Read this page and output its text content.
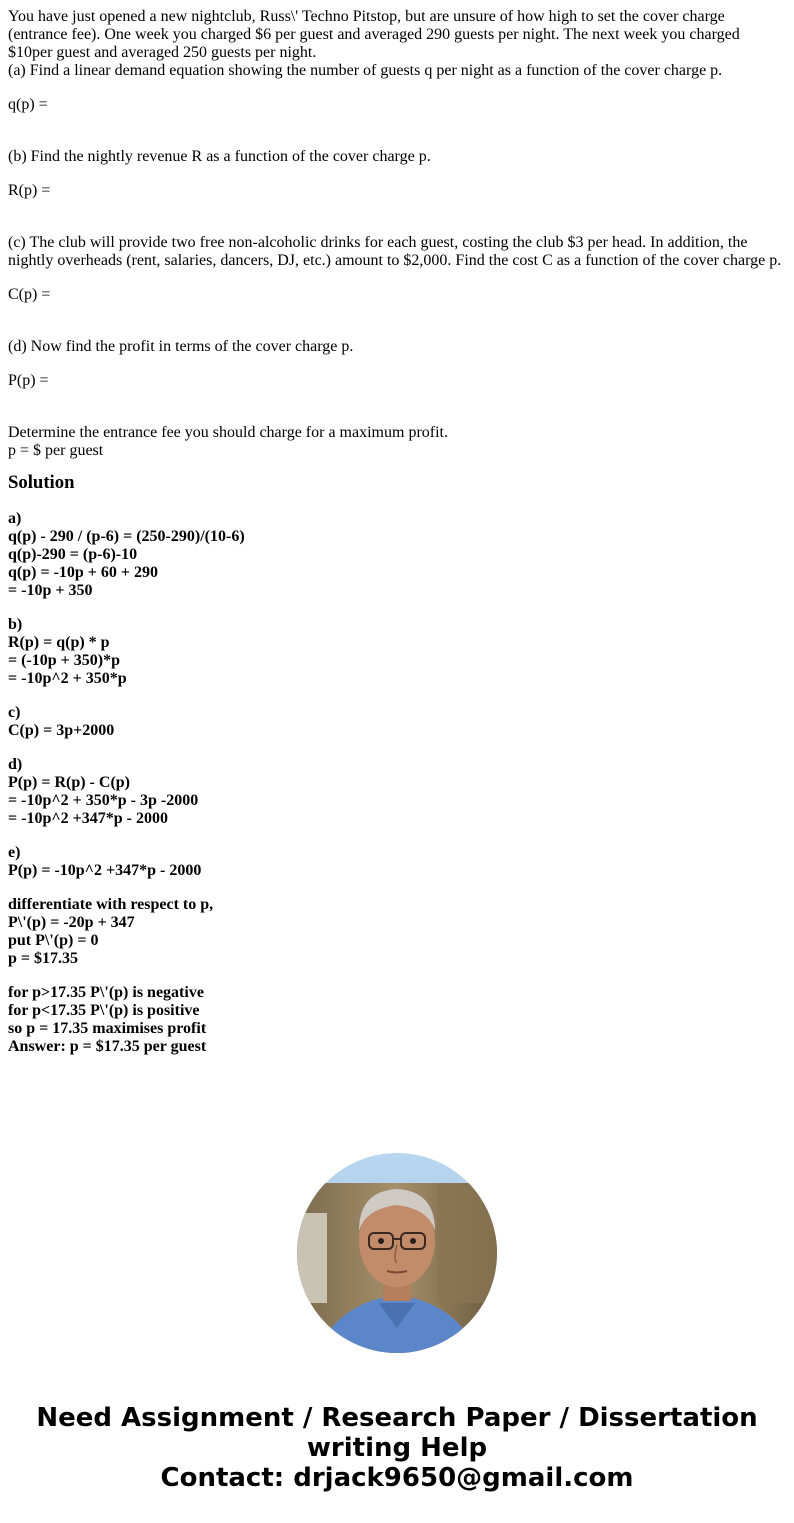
You have just opened a new nightclub, Russ\' Techno Pitstop, but are unsure of how high to set the cover charge (entrance fee). One week you charged $6 per guest and averaged 290 guests per night. The next week you charged $10per guest and averaged 250 guests per night.

(a) Find a linear demand equation showing the number of guests q per night as a function of the cover charge p.

q(p) =

(b) Find the nightly revenue R as a function of the cover charge p.

R(p) =

(c) The club will provide two free non-alcoholic drinks for each guest, costing the club $3 per head. In addition, the nightly overheads (rent, salaries, dancers, DJ, etc.) amount to $2,000. Find the cost C as a function of the cover charge p.

C(p) =

(d) Now find the profit in terms of the cover charge p.

P(p) =

Determine the entrance fee you should charge for a maximum profit.

p = $ per guest
Solution
a)
q(p) - 290 / (p-6) = (250-290)/(10-6)
q(p)-290 = (p-6)-10
q(p) = -10p + 60 + 290
= -10p + 350
b)
R(p) = q(p) * p
= (-10p + 350)*p
= -10p^2 + 350*p
c)
C(p) = 3p+2000
d)
P(p) = R(p) - C(p)
= -10p^2 + 350*p - 3p -2000
= -10p^2 +347*p - 2000
e)
P(p) = -10p^2 +347*p - 2000
differentiate with respect to p,
P\'(p) = -20p + 347
put P\'(p) = 0
p = $17.35
for p>17.35 P\'(p) is negative
for p<17.35 P\'(p) is positive
so p = 17.35 maximises profit
Answer: p = $17.35 per guest
Need Assignment / Research Paper / Dissertation
writing Help
Contact: drjack9650@gmail.com
